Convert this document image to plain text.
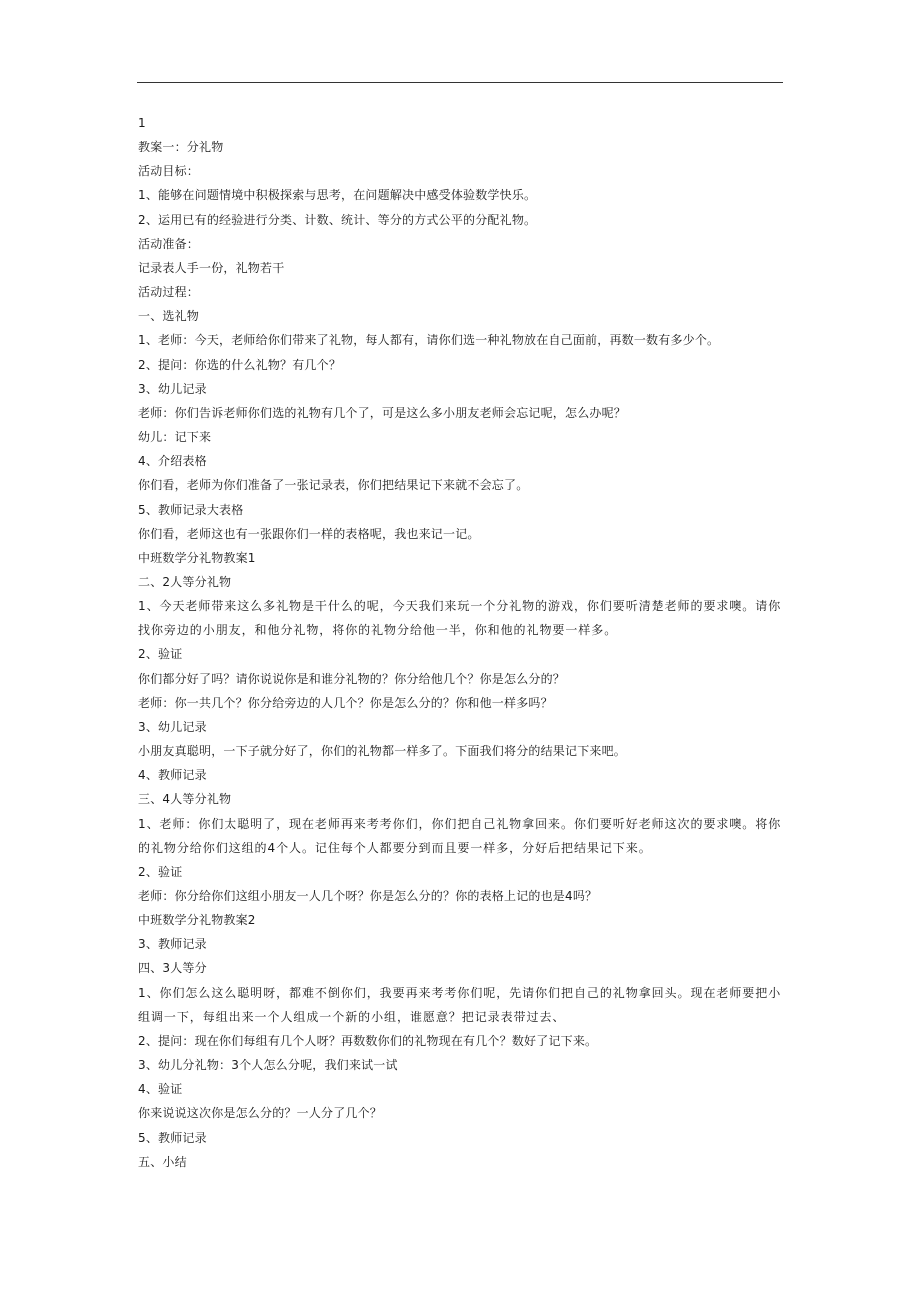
1
教案一：分礼物
活动目标：
1、能够在问题情境中积极探索与思考，在问题解决中感受体验数学快乐。
2、运用已有的经验进行分类、计数、统计、等分的方式公平的分配礼物。
活动准备：
记录表人手一份，礼物若干
活动过程：
一、选礼物
1、老师：今天，老师给你们带来了礼物，每人都有，请你们选一种礼物放在自己面前，再数一数有多少个。
2、提问：你选的什么礼物？有几个？
3、幼儿记录
老师：你们告诉老师你们选的礼物有几个了，可是这么多小朋友老师会忘记呢，怎么办呢？
幼儿：记下来
4、介绍表格
你们看，老师为你们准备了一张记录表，你们把结果记下来就不会忘了。
5、教师记录大表格
你们看，老师这也有一张跟你们一样的表格呢，我也来记一记。
中班数学分礼物教案1
二、2人等分礼物
1、今天老师带来这么多礼物是干什么的呢，今天我们来玩一个分礼物的游戏，你们要听清楚老师的要求噢。请你找你旁边的小朋友，和他分礼物，将你的礼物分给他一半，你和他的礼物要一样多。
2、验证
你们都分好了吗？请你说说你是和谁分礼物的？你分给他几个？你是怎么分的？
老师：你一共几个？你分给旁边的人几个？你是怎么分的？你和他一样多吗？
3、幼儿记录
小朋友真聪明，一下子就分好了，你们的礼物都一样多了。下面我们将分的结果记下来吧。
4、教师记录
三、4人等分礼物
1、老师：你们太聪明了，现在老师再来考考你们，你们把自己礼物拿回来。你们要听好老师这次的要求噢。将你的礼物分给你们这组的4个人。记住每个人都要分到而且要一样多，分好后把结果记下来。
2、验证
老师：你分给你们这组小朋友一人几个呀？你是怎么分的？你的表格上记的也是4吗？
中班数学分礼物教案2
3、教师记录
四、3人等分
1、你们怎么这么聪明呀，都难不倒你们，我要再来考考你们呢，先请你们把自己的礼物拿回头。现在老师要把小组调一下，每组出来一个人组成一个新的小组，谁愿意？把记录表带过去、
2、提问：现在你们每组有几个人呀？再数数你们的礼物现在有几个？数好了记下来。
3、幼儿分礼物：3个人怎么分呢，我们来试一试
4、验证
你来说说这次你是怎么分的？一人分了几个？
5、教师记录
五、小结
